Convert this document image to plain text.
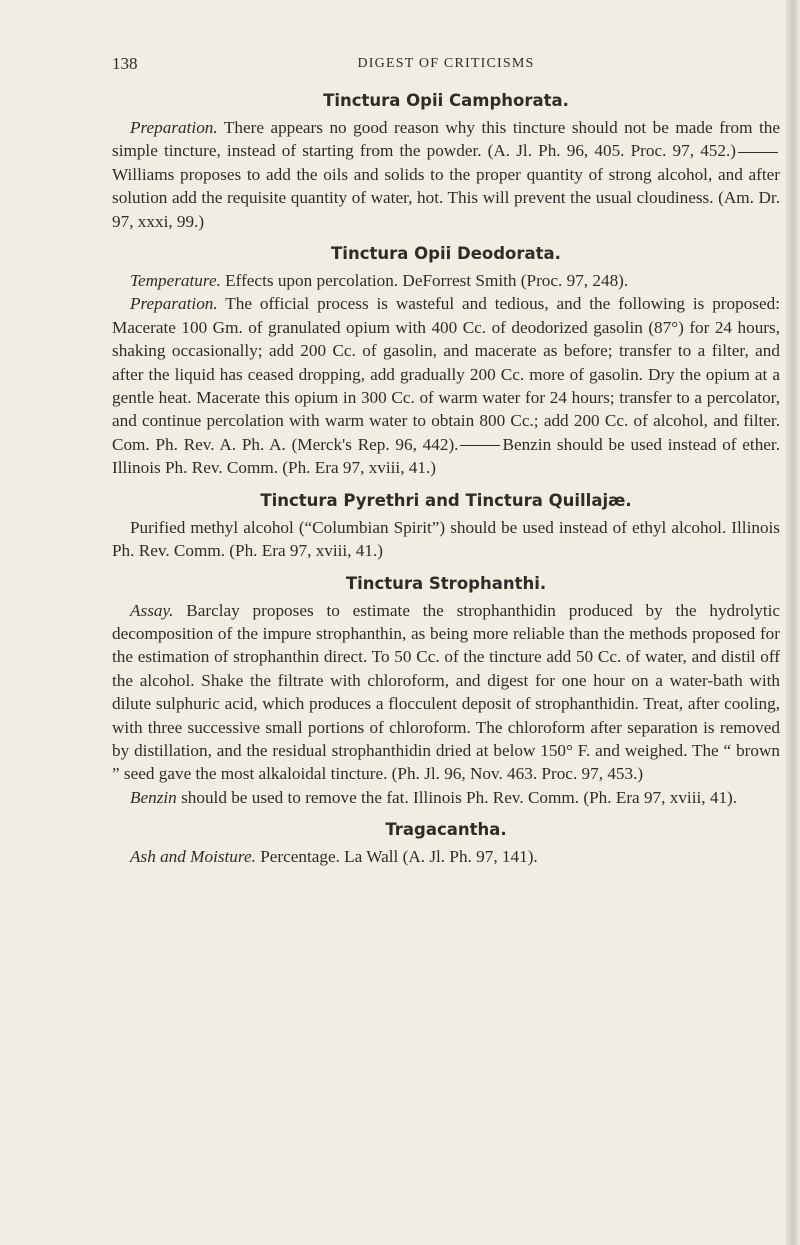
138	DIGEST OF CRITICISMS
Tinctura Opii Camphorata.

Preparation. There appears no good reason why this tincture should not be made from the simple tincture, instead of starting from the powder. (A. Jl. Ph. 96, 405. Proc. 97, 452.)Williams proposes to add the oils and solids to the proper quantity of strong alcohol, and after solution add the requisite quantity of water, hot. This will prevent the usual cloudiness. (Am. Dr. 97, xxxi, 99.)

Tinctura Opii Deodorata.

Temperature. Effects upon percolation. DeForrest Smith (Proc. 97, 248).

Preparation. The official process is wasteful and tedious, and the following is proposed: Macerate 100 Gm. of granulated opium with 400 Cc. of deodorized gasolin (87°) for 24 hours, shaking occasionally; add 200 Cc. of gasolin, and macerate as before; transfer to a filter, and after the liquid has ceased dropping, add gradually 200 Cc. more of gasolin. Dry the opium at a gentle heat. Macerate this opium in 300 Cc. of warm water for 24 hours; transfer to a percolator, and continue percolation with warm water to obtain 800 Cc.; add 200 Cc. of alcohol, and filter. Com. Ph. Rev. A. Ph. A. (Merck's Rep. 96, 442).	Benzin should be used instead of ether. Illinois Ph. Rev. Comm. (Ph. Era 97, xviii, 41.)

Tinctura Pyrethri and Tinctura Quillajæ.

Purified methyl alcohol (“Columbian Spirit”) should be used instead of ethyl alcohol. Illinois Ph. Rev. Comm. (Ph. Era 97, xviii, 41.)

Tinctura Strophanthi.

Assay. Barclay proposes to estimate the strophanthidin produced by the hydrolytic decomposition of the impure strophanthin, as being more reliable than the methods proposed for the estimation of strophanthin direct. To 50 Cc. of the tincture add 50 Cc. of water, and distil off the alcohol. Shake the filtrate with chloroform, and digest for one hour on a water-bath with dilute sulphuric acid, which produces a flocculent deposit of strophanthidin. Treat, after cooling, with three successive small portions of chloroform. The chloroform after separation is removed by distillation, and the residual strophanthidin dried at below 150° F. and weighed. The “ brown ” seed gave the most alkaloidal tincture. (Ph. Jl. 96, Nov. 463. Proc. 97, 453.)

Benzin should be used to remove the fat. Illinois Ph. Rev. Comm. (Ph. Era 97, xviii, 41).

Tragacantha.

Ash and Moisture. Percentage. La Wall (A. Jl. Ph. 97, 141).
